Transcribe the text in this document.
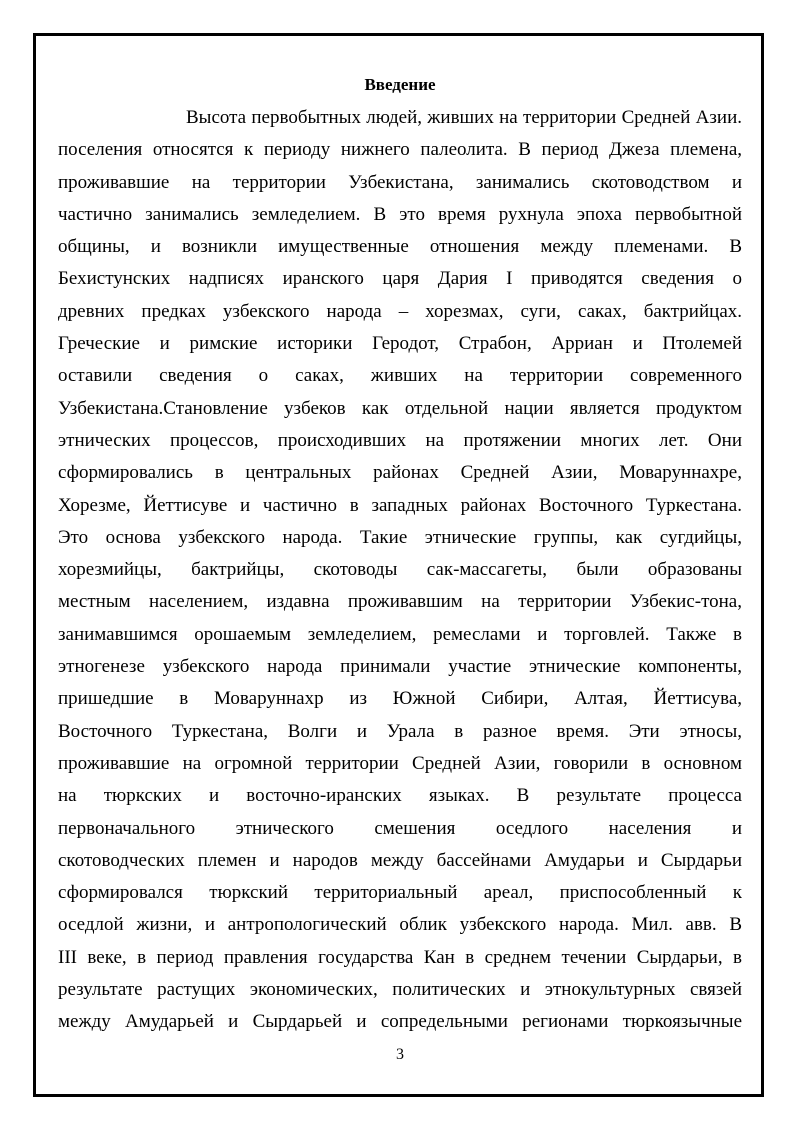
Введение
Высота первобытных людей, живших на территории Средней Азии.
поселения относятся к периоду нижнего палеолита. В период Джеза племена,
проживавшие на территории Узбекистана, занимались скотоводством и
частично занимались земледелием. В это время рухнула эпоха первобытной
общины, и возникли имущественные отношения между племенами. В
Бехистунских надписях иранского царя Дария I приводятся сведения о
древних предках узбекского народа – хорезмах, суги, саках, бактрийцах.
Греческие и римские историки Геродот, Страбон, Арриан и Птолемей
оставили сведения о саках, живших на территории современного
Узбекистана.Становление узбеков как отдельной нации является продуктом
этнических процессов, происходивших на протяжении многих лет. Они
сформировались в центральных районах Средней Азии, Моваруннахре,
Хорезме, Йеттисуве и частично в западных районах Восточного Туркестана.
Это основа узбекского народа. Такие этнические группы, как сугдийцы,
хорезмийцы, бактрийцы, скотоводы сак-массагеты, были образованы
местным населением, издавна проживавшим на территории Узбекис-тона,
занимавшимся орошаемым земледелием, ремеслами и торговлей. Также в
этногенезе узбекского народа принимали участие этнические компоненты,
пришедшие в Моваруннахр из Южной Сибири, Алтая, Йеттисува,
Восточного Туркестана, Волги и Урала в разное время. Эти этносы,
проживавшие на огромной территории Средней Азии, говорили в основном
на тюркских и восточно-иранских языках. В результате процесса
первоначального этнического смешения оседлого населения и
скотоводческих племен и народов между бассейнами Амударьи и Сырдарьи
сформировался тюркский территориальный ареал, приспособленный к
оседлой жизни, и антропологический облик узбекского народа. Мил. авв. В
III веке, в период правления государства Кан в среднем течении Сырдарьи, в
результате растущих экономических, политических и этнокультурных связей
между Амударьей и Сырдарьей и сопредельными регионами тюркоязычные
3
